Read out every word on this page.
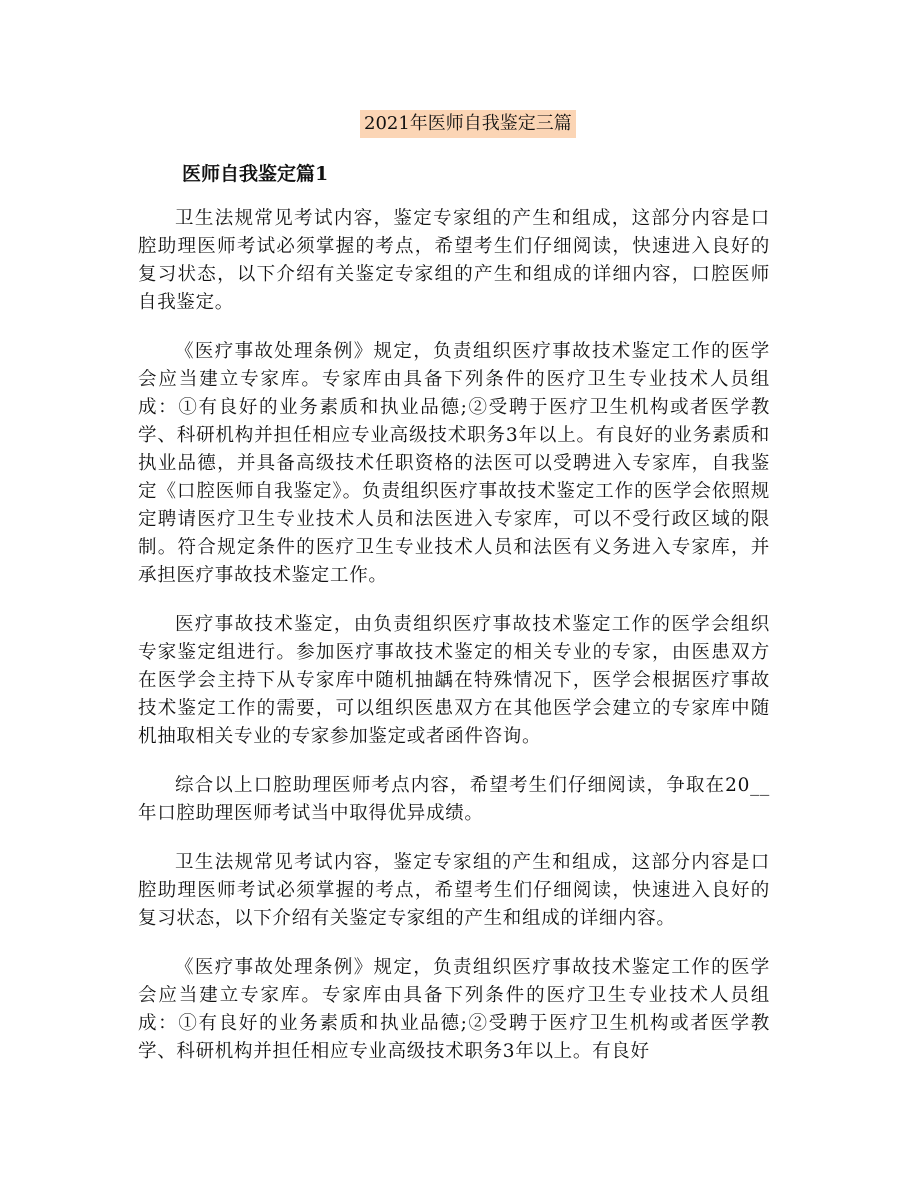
2021年医师自我鉴定三篇
医师自我鉴定篇1

卫生法规常见考试内容，鉴定专家组的产生和组成，这部分内容是口腔助理医师考试必须掌握的考点，希望考生们仔细阅读，快速进入良好的复习状态，以下介绍有关鉴定专家组的产生和组成的详细内容，口腔医师自我鉴定。

《医疗事故处理条例》规定，负责组织医疗事故技术鉴定工作的医学会应当建立专家库。专家库由具备下列条件的医疗卫生专业技术人员组成：①有良好的业务素质和执业品德;②受聘于医疗卫生机构或者医学教学、科研机构并担任相应专业高级技术职务3年以上。有良好的业务素质和执业品德，并具备高级技术任职资格的法医可以受聘进入专家库，自我鉴定《口腔医师自我鉴定》。负责组织医疗事故技术鉴定工作的医学会依照规定聘请医疗卫生专业技术人员和法医进入专家库，可以不受行政区域的限制。符合规定条件的医疗卫生专业技术人员和法医有义务进入专家库，并承担医疗事故技术鉴定工作。

医疗事故技术鉴定，由负责组织医疗事故技术鉴定工作的医学会组织专家鉴定组进行。参加医疗事故技术鉴定的相关专业的专家，由医患双方在医学会主持下从专家库中随机抽龋在特殊情况下，医学会根据医疗事故技术鉴定工作的需要，可以组织医患双方在其他医学会建立的专家库中随机抽取相关专业的专家参加鉴定或者函件咨询。

综合以上口腔助理医师考点内容，希望考生们仔细阅读，争取在20__年口腔助理医师考试当中取得优异成绩。

卫生法规常见考试内容，鉴定专家组的产生和组成，这部分内容是口腔助理医师考试必须掌握的考点，希望考生们仔细阅读，快速进入良好的复习状态，以下介绍有关鉴定专家组的产生和组成的详细内容。

《医疗事故处理条例》规定，负责组织医疗事故技术鉴定工作的医学会应当建立专家库。专家库由具备下列条件的医疗卫生专业技术人员组成：①有良好的业务素质和执业品德;②受聘于医疗卫生机构或者医学教学、科研机构并担任相应专业高级技术职务3年以上。有良好
